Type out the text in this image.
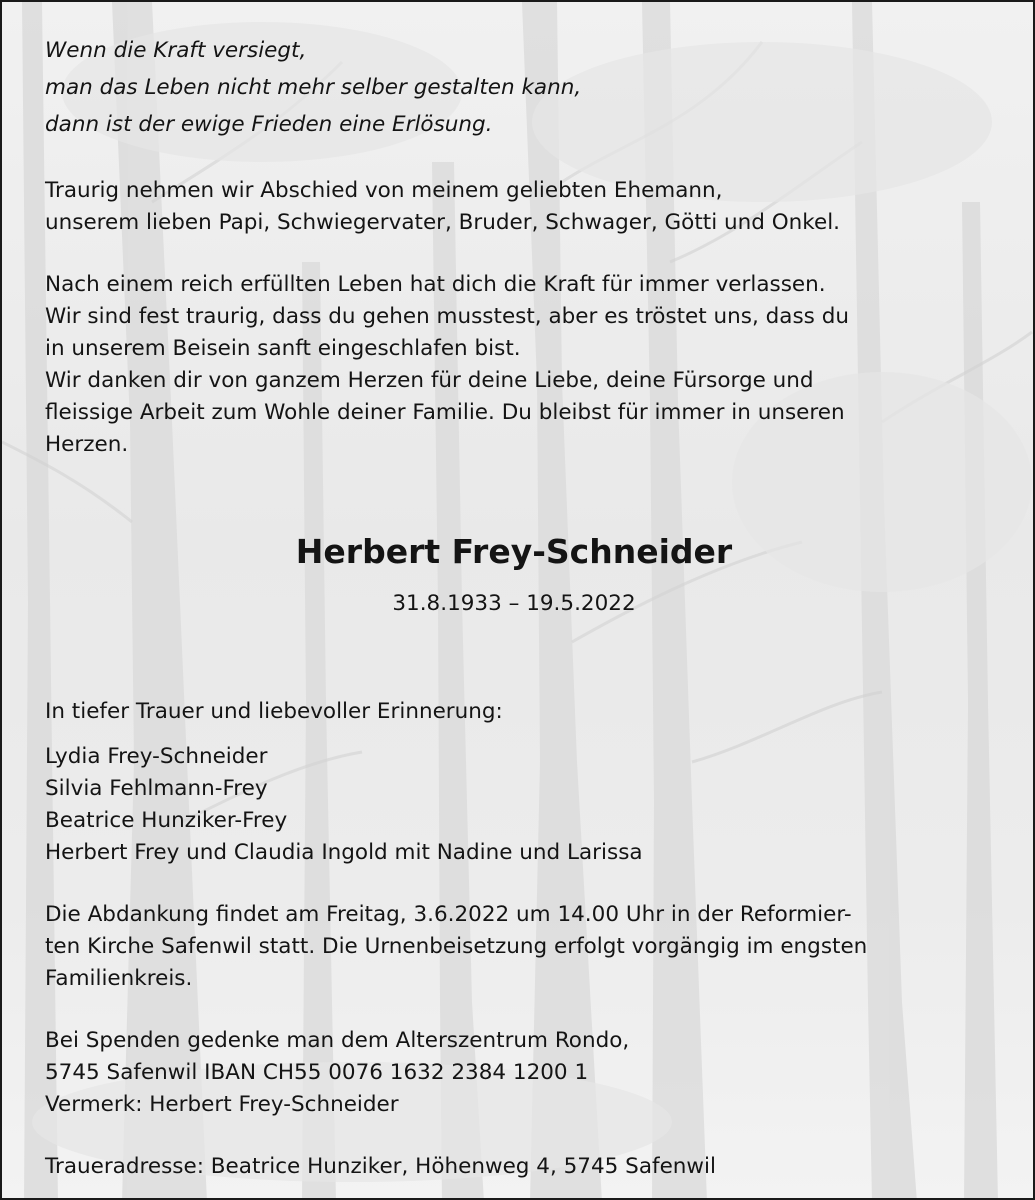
Wenn die Kraft versiegt,
man das Leben nicht mehr selber gestalten kann,
dann ist der ewige Frieden eine Erlösung.

Traurig nehmen wir Abschied von meinem geliebten Ehemann,
unserem lieben Papi, Schwiegervater, Bruder, Schwager, Götti und Onkel.

Nach einem reich erfüllten Leben hat dich die Kraft für immer verlassen.
Wir sind fest traurig, dass du gehen musstest, aber es tröstet uns, dass du
in unserem Beisein sanft eingeschlafen bist.
Wir danken dir von ganzem Herzen für deine Liebe, deine Fürsorge und
fleissige Arbeit zum Wohle deiner Familie. Du bleibst für immer in unseren
Herzen.

Herbert Frey-Schneider
31.8.1933 – 19.5.2022

In tiefer Trauer und liebevoller Erinnerung:

Lydia Frey-Schneider
Silvia Fehlmann-Frey
Beatrice Hunziker-Frey
Herbert Frey und Claudia Ingold mit Nadine und Larissa

Die Abdankung findet am Freitag, 3.6.2022 um 14.00 Uhr in der Reformier-
ten Kirche Safenwil statt. Die Urnenbeisetzung erfolgt vorgängig im engsten
Familienkreis.

Bei Spenden gedenke man dem Alterszentrum Rondo,
5745 Safenwil IBAN CH55 0076 1632 2384 1200 1
Vermerk: Herbert Frey-Schneider

Traueradresse: Beatrice Hunziker, Höhenweg 4, 5745 Safenwil
